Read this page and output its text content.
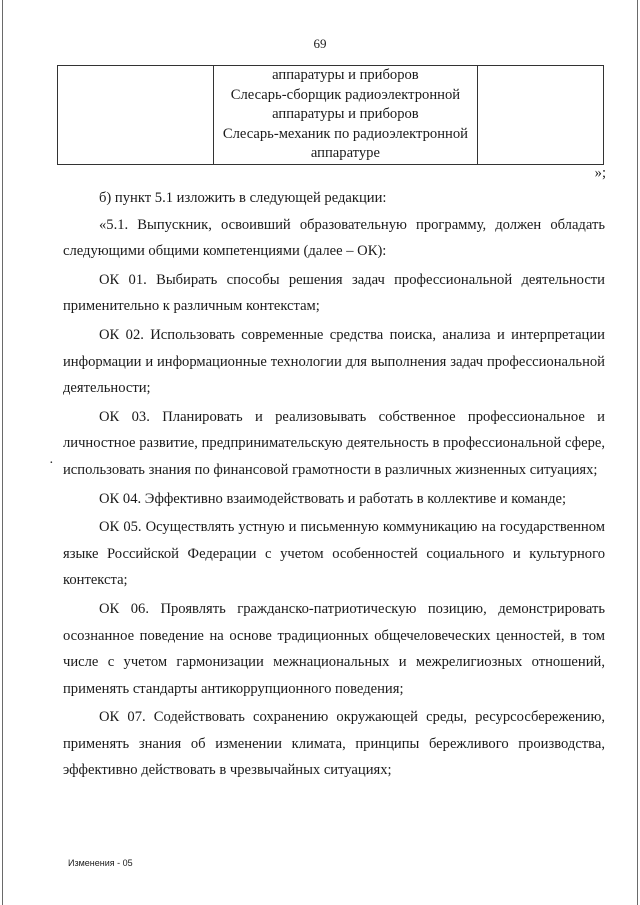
69

аппаратуры и приборов
Слесарь-сборщик радиоэлектронной
аппаратуры и приборов
Слесарь-механик по радиоэлектронной
аппаратуре

»;

б) пункт 5.1 изложить в следующей редакции:

«5.1. Выпускник, освоивший образовательную программу, должен обладать следующими общими компетенциями (далее – ОК):

ОК 01. Выбирать способы решения задач профессиональной деятельности применительно к различным контекстам;

ОК 02. Использовать современные средства поиска, анализа и интерпретации информации и информационные технологии для выполнения задач профессиональной деятельности;

ОК 03. Планировать и реализовывать собственное профессиональное и личностное развитие, предпринимательскую деятельность в профессиональной сфере, использовать знания по финансовой грамотности в различных жизненных ситуациях;

ОК 04. Эффективно взаимодействовать и работать в коллективе и команде;

ОК 05. Осуществлять устную и письменную коммуникацию на государственном языке Российской Федерации с учетом особенностей социального и культурного контекста;

ОК 06. Проявлять гражданско-патриотическую позицию, демонстрировать осознанное поведение на основе традиционных общечеловеческих ценностей, в том числе с учетом гармонизации межнациональных и межрелигиозных отношений, применять стандарты антикоррупционного поведения;

ОК 07. Содействовать сохранению окружающей среды, ресурсосбережению, применять знания об изменении климата, принципы бережливого производства, эффективно действовать в чрезвычайных ситуациях;

·
Изменения - 05
